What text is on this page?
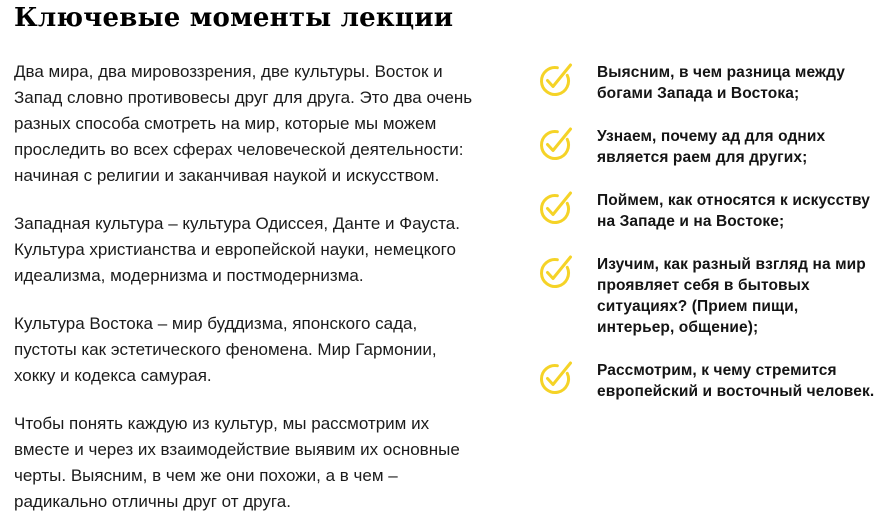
Ключевые моменты лекции

Два мира, два мировоззрения, две культуры. Восток и Запад словно противовесы друг для друга. Это два очень разных способа смотреть на мир, которые мы можем проследить во всех сферах человеческой деятельности: начиная с религии и заканчивая наукой и искусством.

Западная культура – культура Одиссея, Данте и Фауста. Культура христианства и европейской науки, немецкого идеализма, модернизма и постмодернизма.

Культура Востока – мир буддизма, японского сада, пустоты как эстетического феномена. Мир Гармонии, хокку и кодекса самурая.

Чтобы понять каждую из культур, мы рассмотрим их вместе и через их взаимодействие выявим их основные черты. Выясним, в чем же они похожи, а в чем – радикально отличны друг от друга.

Выясним, в чем разница между богами Запада и Востока;
Узнаем, почему ад для одних является раем для других;
Поймем, как относятся к искусству на Западе и на Востоке;
Изучим, как разный взгляд на мир проявляет себя в бытовых ситуациях? (Прием пищи, интерьер, общение);
Рассмотрим, к чему стремится европейский и восточный человек.
